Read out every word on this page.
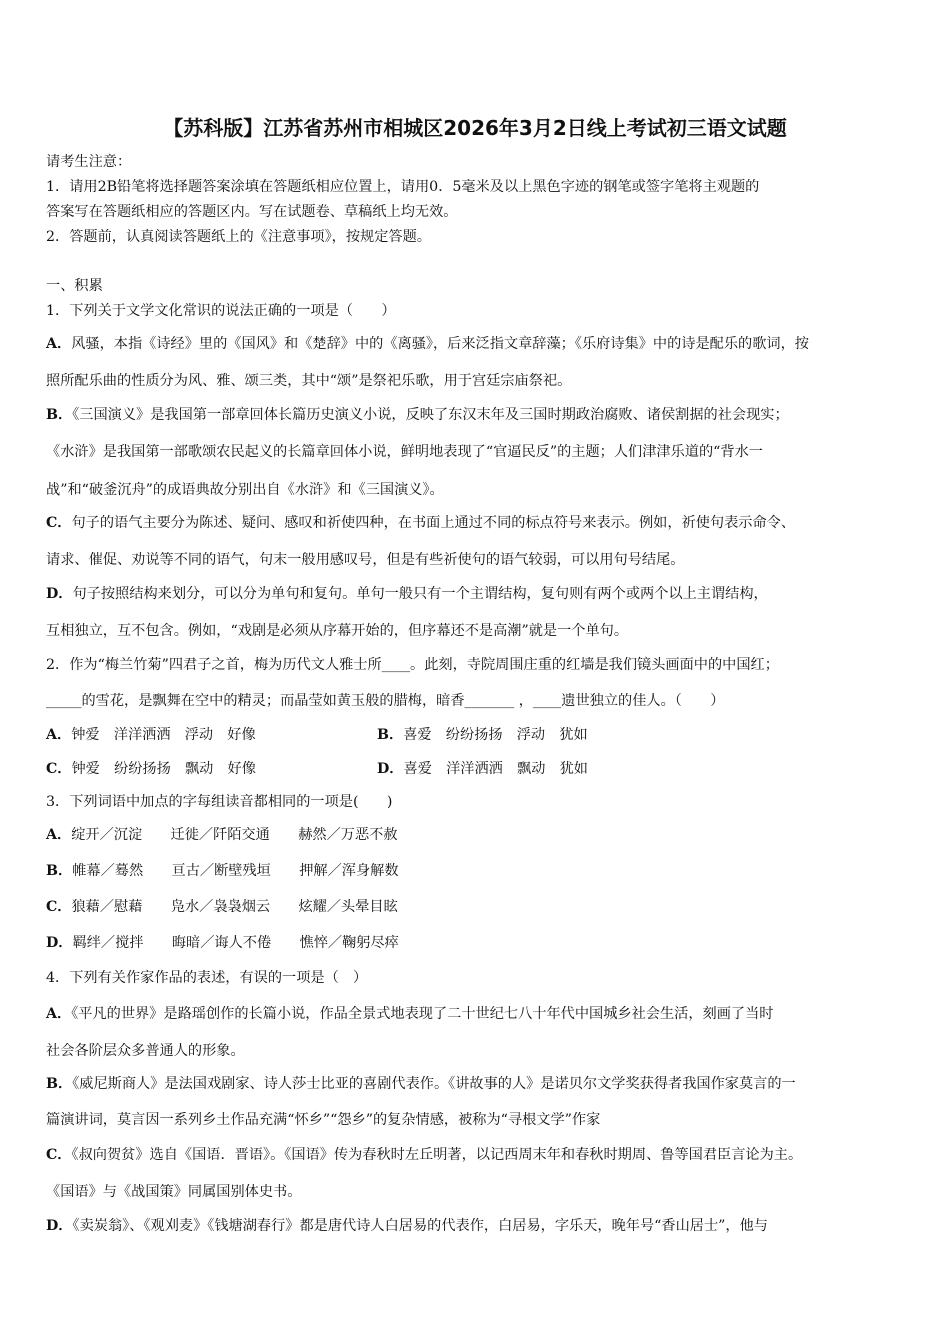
【苏科版】江苏省苏州市相城区2026年3月2日线上考试初三语文试题
请考生注意：
1．请用2B铅笔将选择题答案涂填在答题纸相应位置上，请用0．5毫米及以上黑色字迹的钢笔或签字笔将主观题的
答案写在答题纸相应的答题区内。写在试题卷、草稿纸上均无效。
2．答题前，认真阅读答题纸上的《注意事项》，按规定答题。
一、积累
1．下列关于文学文化常识的说法正确的一项是（　　）
A．风骚，本指《诗经》里的《国风》和《楚辞》中的《离骚》，后来泛指文章辞藻；《乐府诗集》中的诗是配乐的歌词，按
照所配乐曲的性质分为风、雅、颂三类，其中“颂”是祭祀乐歌，用于宫廷宗庙祭祀。
B．《三国演义》是我国第一部章回体长篇历史演义小说，反映了东汉末年及三国时期政治腐败、诸侯割据的社会现实；
《水浒》是我国第一部歌颂农民起义的长篇章回体小说，鲜明地表现了“官逼民反”的主题；人们津津乐道的“背水一
战”和“破釜沉舟”的成语典故分别出自《水浒》和《三国演义》。
C．句子的语气主要分为陈述、疑问、感叹和祈使四种，在书面上通过不同的标点符号来表示。例如，祈使句表示命令、
请求、催促、劝说等不同的语气，句末一般用感叹号，但是有些祈使句的语气较弱，可以用句号结尾。
D．句子按照结构来划分，可以分为单句和复句。单句一般只有一个主谓结构，复句则有两个或两个以上主谓结构，
互相独立，互不包含。例如，“戏剧是必须从序幕开始的，但序幕还不是高潮”就是一个单句。
2．作为“梅兰竹菊”四君子之首，梅为历代文人雅士所____。此刻，寺院周围庄重的红墙是我们镜头画面中的中国红；
_____的雪花，是飘舞在空中的精灵；而晶莹如黄玉般的腊梅，暗香_______ ，____遗世独立的佳人。（　　）
A．钟爱　洋洋洒洒　浮动　好像	B．喜爱　纷纷扬扬　浮动　犹如
C．钟爱　纷纷扬扬　飘动　好像	D．喜爱　洋洋洒洒　飘动　犹如
3．下列词语中加点的字每组读音都相同的一项是(　　)
A．绽开／沉淀　　迁徙／阡陌交通　　赫然／万恶不赦
B．帷幕／蓦然　　亘古／断壁残垣　　押解／浑身解数
C．狼藉／慰藉　　凫水／袅袅烟云　　炫耀／头晕目眩
D．羁绊／搅拌　　晦暗／诲人不倦　　憔悴／鞠躬尽瘁
4．下列有关作家作品的表述，有误的一项是（　）
A．《平凡的世界》是路瑶创作的长篇小说，作品全景式地表现了二十世纪七八十年代中国城乡社会生活，刻画了当时
社会各阶层众多普通人的形象。
B．《威尼斯商人》是法国戏剧家、诗人莎士比亚的喜剧代表作。《讲故事的人》是诺贝尔文学奖获得者我国作家莫言的一
篇演讲词，莫言因一系列乡土作品充满“怀乡”“怨乡”的复杂情感，被称为“寻根文学”作家
C．《叔向贺贫》选自《国语．晋语》。《国语》传为春秋时左丘明著，以记西周末年和春秋时期周、鲁等国君臣言论为主。
《国语》与《战国策》同属国别体史书。
D．《卖炭翁》、《观刈麦》《钱塘湖春行》都是唐代诗人白居易的代表作，白居易，字乐天，晚年号“香山居士”，他与
